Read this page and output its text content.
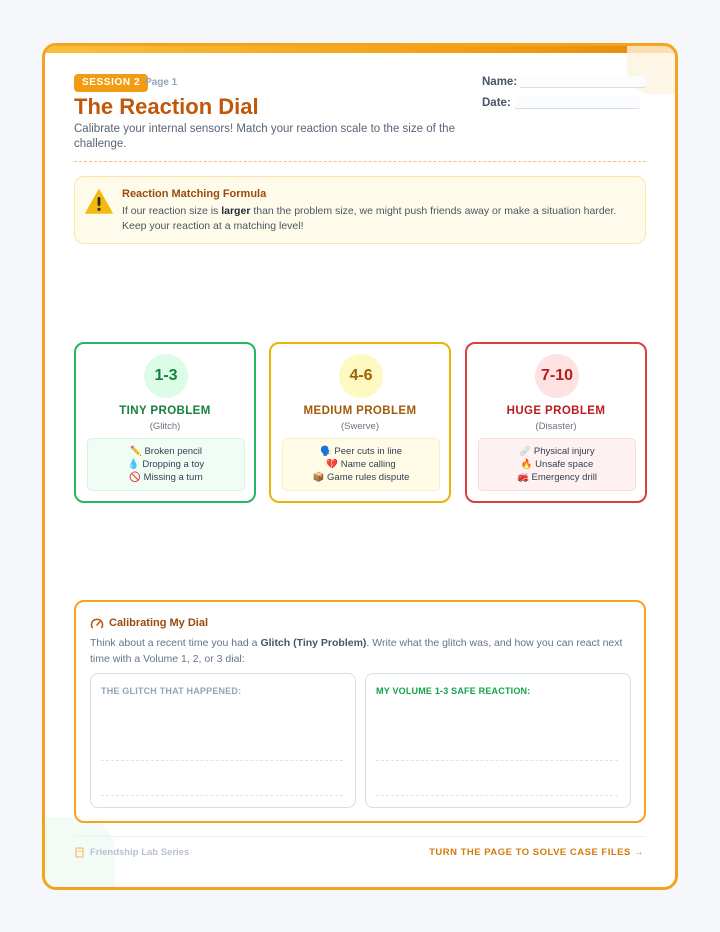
SESSION 2 Page 1
The Reaction Dial
Calibrate your internal sensors! Match your reaction scale to the size of the challenge.
Name:
Date:
Reaction Matching Formula
If our reaction size is larger than the problem size, we might push friends away or make a situation harder. Keep your reaction at a matching level!
1-3
TINY PROBLEM
(Glitch)
✏️ Broken pencil
💧 Dropping a toy
🚫 Missing a turn
4-6
MEDIUM PROBLEM
(Swerve)
🗣️ Peer cuts in line
💔 Name calling
📦 Game rules dispute
7-10
HUGE PROBLEM
(Disaster)
🩹 Physical injury
🔥 Unsafe space
🚒 Emergency drill
Calibrating My Dial
Think about a recent time you had a Glitch (Tiny Problem). Write what the glitch was, and how you can react next time with a Volume 1, 2, or 3 dial:
THE GLITCH THAT HAPPENED:	MY VOLUME 1-3 SAFE REACTION:
Friendship Lab Series	TURN THE PAGE TO SOLVE CASE FILES →
